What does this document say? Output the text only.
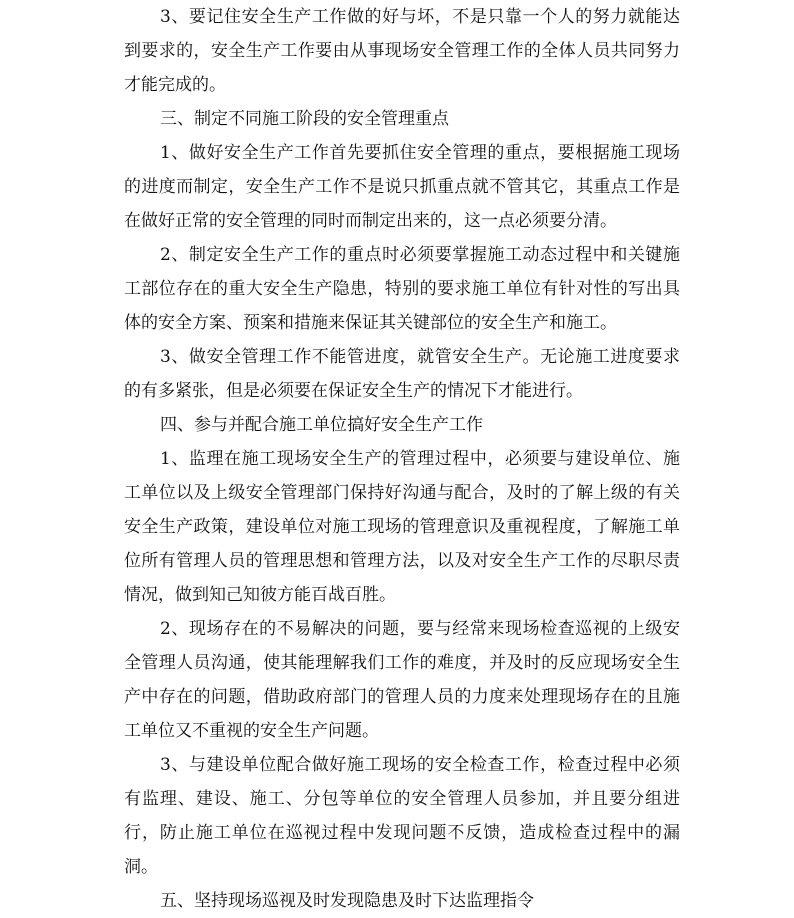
3、要记住安全生产工作做的好与坏，不是只靠一个人的努力就能达到要求的，安全生产工作要由从事现场安全管理工作的全体人员共同努力才能完成的。

三、制定不同施工阶段的安全管理重点

1、做好安全生产工作首先要抓住安全管理的重点，要根据施工现场的进度而制定，安全生产工作不是说只抓重点就不管其它，其重点工作是在做好正常的安全管理的同时而制定出来的，这一点必须要分清。

2、制定安全生产工作的重点时必须要掌握施工动态过程中和关键施工部位存在的重大安全生产隐患，特别的要求施工单位有针对性的写出具体的安全方案、预案和措施来保证其关键部位的安全生产和施工。

3、做安全管理工作不能管进度，就管安全生产。无论施工进度要求的有多紧张，但是必须要在保证安全生产的情况下才能进行。

四、参与并配合施工单位搞好安全生产工作

1、监理在施工现场安全生产的管理过程中，必须要与建设单位、施工单位以及上级安全管理部门保持好沟通与配合，及时的了解上级的有关安全生产政策，建设单位对施工现场的管理意识及重视程度，了解施工单位所有管理人员的管理思想和管理方法，以及对安全生产工作的尽职尽责情况，做到知己知彼方能百战百胜。

2、现场存在的不易解决的问题，要与经常来现场检查巡视的上级安全管理人员沟通，使其能理解我们工作的难度，并及时的反应现场安全生产中存在的问题，借助政府部门的管理人员的力度来处理现场存在的且施工单位又不重视的安全生产问题。

3、与建设单位配合做好施工现场的安全检查工作，检查过程中必须有监理、建设、施工、分包等单位的安全管理人员参加，并且要分组进行，防止施工单位在巡视过程中发现问题不反馈，造成检查过程中的漏洞。

五、坚持现场巡视及时发现隐患及时下达监理指令
